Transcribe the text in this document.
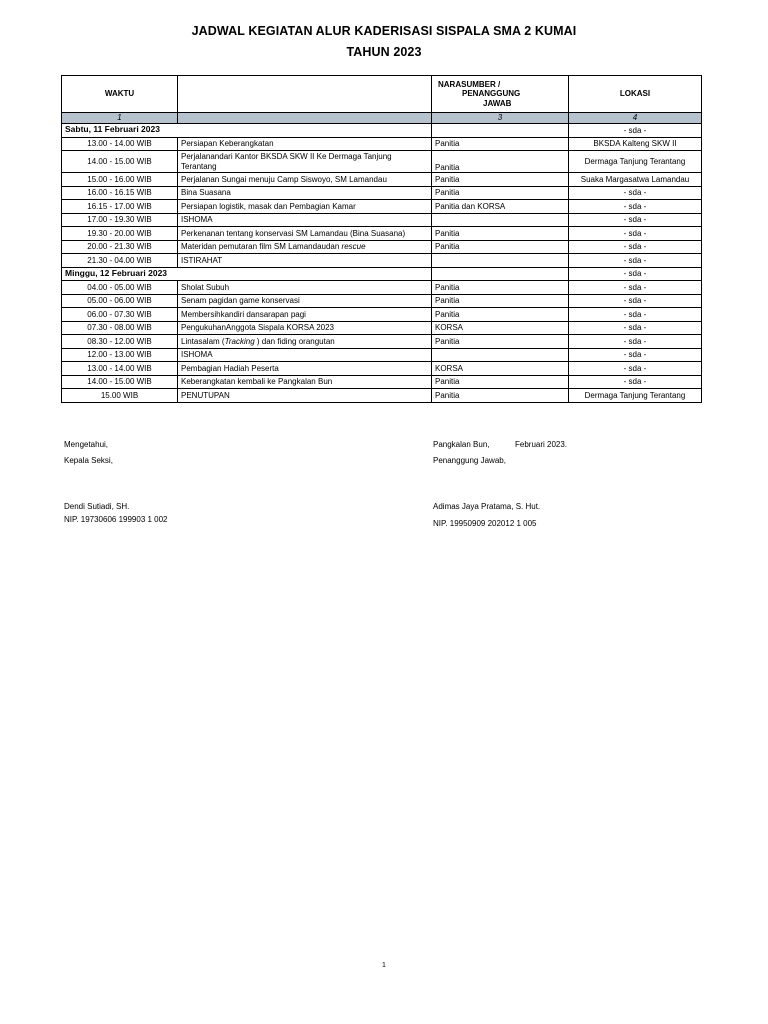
JADWAL KEGIATAN ALUR KADERISASI SISPALA SMA 2 KUMAI
TAHUN 2023
WAKTU		NARASUMBER /
PENANGGUNG
JAWAB	LOKASI
1		3	4
Sabtu, 11 Februari 2023			- sda -
13.00 - 14.00 WIB	Persiapan Keberangkatan	Panitia	BKSDA Kalteng SKW II
14.00 - 15.00 WIB	Perjalanandari Kantor BKSDA SKW II Ke Dermaga Tanjung Terantang	Panitia	Dermaga Tanjung Terantang
15.00 - 16.00 WIB	Perjalanan Sungai menuju Camp Siswoyo, SM Lamandau	Panitia	Suaka Margasatwa Lamandau
16.00 - 16.15 WIB	Bina Suasana	Panitia	- sda -
16.15 - 17.00 WIB	Persiapan logistik, masak dan Pembagian Kamar	Panitia dan KORSA	- sda -
17.00 - 19.30 WIB	ISHOMA		- sda -
19.30 - 20.00 WIB	Perkenanan tentang konservasi SM Lamandau (Bina Suasana)	Panitia	- sda -
20.00 - 21.30 WIB	Materidan pemutaran film SM Lamandaudan rescue	Panitia	- sda -
21.30 - 04.00 WIB	ISTIRAHAT		- sda -
Minggu, 12 Februari 2023			- sda -
04.00 - 05.00 WIB	Sholat Subuh	Panitia	- sda -
05.00 - 06.00 WIB	Senam pagidan game konservasi	Panitia	- sda -
06.00 - 07.30 WIB	Membersihkandiri dansarapan pagi	Panitia	- sda -
07.30 - 08.00 WIB	PengukuhanAnggota Sispala KORSA 2023	KORSA	- sda -
08.30 - 12.00 WIB	Lintasalam (Tracking ) dan fiding orangutan	Panitia	- sda -
12.00 - 13.00 WIB	ISHOMA		- sda -
13.00 - 14.00 WIB	Pembagian Hadiah Peserta	KORSA	- sda -
14.00 - 15.00 WIB	Keberangkatan kembali ke Pangkalan Bun	Panitia	- sda -
15.00 WIB	PENUTUPAN	Panitia	Dermaga Tanjung Terantang
Mengetahui,
Kepala Seksi,
Dendi Sutiadi, SH.
NIP. 19730606 199903 1 002
Pangkalan Bun,	Februari 2023.
Penanggung Jawab,
Adimas Jaya Pratama, S. Hut.
NIP. 19950909 202012 1 005
1
